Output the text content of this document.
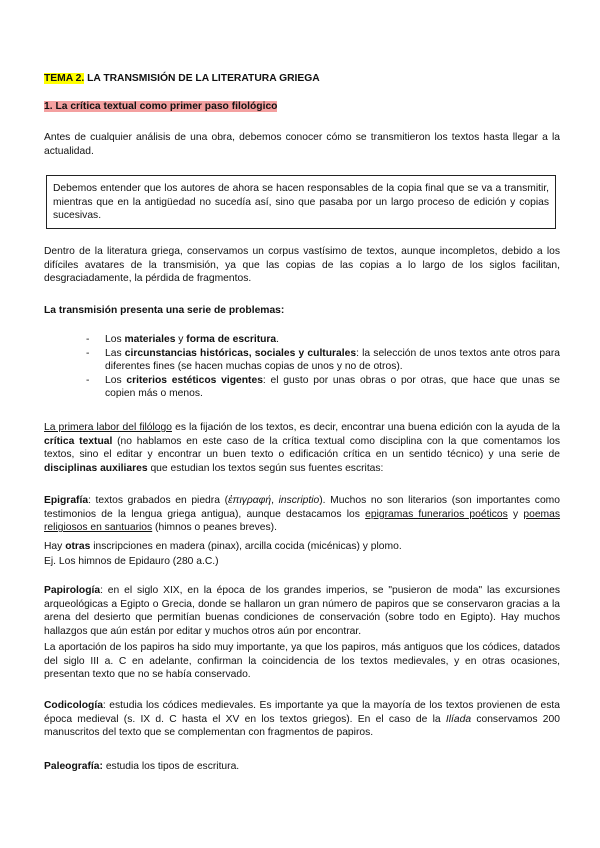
TEMA 2. LA TRANSMISIÓN DE LA LITERATURA GRIEGA
1. La crítica textual como primer paso filológico
Antes de cualquier análisis de una obra, debemos conocer cómo se transmitieron los textos hasta llegar a la actualidad.
Debemos entender que los autores de ahora se hacen responsables de la copia final que se va a transmitir, mientras que en la antigüedad no sucedía así, sino que pasaba por un largo proceso de edición y copias sucesivas.
Dentro de la literatura griega, conservamos un corpus vastísimo de textos, aunque incompletos, debido a los difíciles avatares de la transmisión, ya que las copias de las copias a lo largo de los siglos facilitan, desgraciadamente, la pérdida de fragmentos.
La transmisión presenta una serie de problemas:
- Los materiales y forma de escritura.
- Las circunstancias históricas, sociales y culturales: la selección de unos textos ante otros para diferentes fines (se hacen muchas copias de unos y no de otros).
- Los criterios estéticos vigentes: el gusto por unas obras o por otras, que hace que unas se copien más o menos.
La primera labor del filólogo es la fijación de los textos, es decir, encontrar una buena edición con la ayuda de la crítica textual (no hablamos en este caso de la crítica textual como disciplina con la que comentamos los textos, sino el editar y encontrar un buen texto o edificación crítica en un sentido técnico) y una serie de disciplinas auxiliares que estudian los textos según sus fuentes escritas:
Epigrafía: textos grabados en piedra (ἐπιγραφή, inscriptio). Muchos no son literarios (son importantes como testimonios de la lengua griega antigua), aunque destacamos los epigramas funerarios poéticos y poemas religiosos en santuarios (himnos o peanes breves).
Hay otras inscripciones en madera (pinax), arcilla cocida (micénicas) y plomo.
Ej. Los himnos de Epidauro (280 a.C.)
Papirología: en el siglo XIX, en la época de los grandes imperios, se "pusieron de moda" las excursiones arqueológicas a Egipto o Grecia, donde se hallaron un gran número de papiros que se conservaron gracias a la arena del desierto que permitían buenas condiciones de conservación (sobre todo en Egipto). Hay muchos hallazgos que aún están por editar y muchos otros aún por encontrar.
La aportación de los papiros ha sido muy importante, ya que los papiros, más antiguos que los códices, datados del siglo III a. C en adelante, confirman la coincidencia de los textos medievales, y en otras ocasiones, presentan texto que no se había conservado.
Codicología: estudia los códices medievales. Es importante ya que la mayoría de los textos provienen de esta época medieval (s. IX d. C hasta el XV en los textos griegos). En el caso de la Ilíada conservamos 200 manuscritos del texto que se complementan con fragmentos de papiros.
Paleografía: estudia los tipos de escritura.
